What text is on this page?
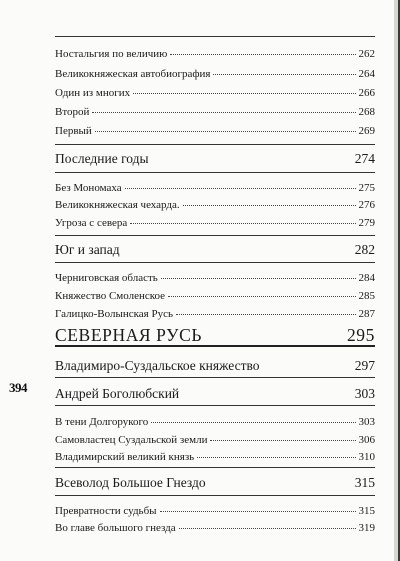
394
Ностальгия по величию	262
Великокняжеская автобиография	264
Один из многих	266
Второй	268
Первый	269
Последние годы	274
Без Мономаха	275
Великокняжеская чехарда.	276
Угроза с севера	279
Юг и запад	282
Черниговская область	284
Княжество Смоленское	285
Галицко-Волынская Русь	287
СЕВЕРНАЯ РУСЬ	295
Владимиро-Суздальское княжество	297
Андрей Боголюбский	303
В тени Долгорукого	303
Самовластец Суздальской земли	306
Владимирский великий князь	310
Всеволод Большое Гнездо	315
Превратности судьбы	315
Во главе большого гнезда	319
